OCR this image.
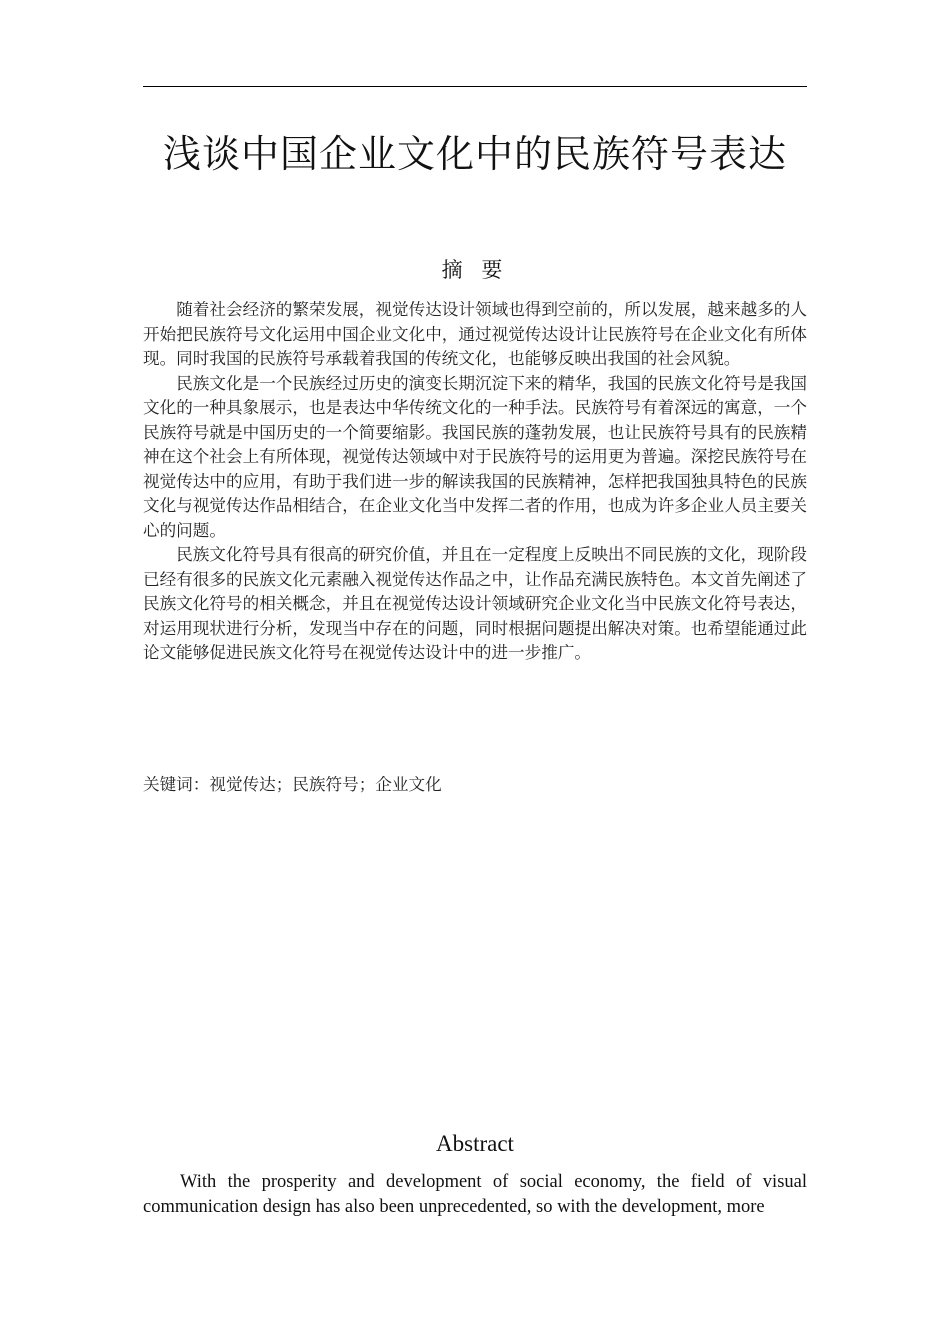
浅谈中国企业文化中的民族符号表达
摘 要

随着社会经济的繁荣发展，视觉传达设计领域也得到空前的，所以发展，越来越多的人开始把民族符号文化运用中国企业文化中，通过视觉传达设计让民族符号在企业文化有所体现。同时我国的民族符号承载着我国的传统文化，也能够反映出我国的社会风貌。

民族文化是一个民族经过历史的演变长期沉淀下来的精华，我国的民族文化符号是我国文化的一种具象展示，也是表达中华传统文化的一种手法。民族符号有着深远的寓意，一个民族符号就是中国历史的一个简要缩影。我国民族的蓬勃发展，也让民族符号具有的民族精神在这个社会上有所体现，视觉传达领域中对于民族符号的运用更为普遍。深挖民族符号在视觉传达中的应用，有助于我们进一步的解读我国的民族精神，怎样把我国独具特色的民族文化与视觉传达作品相结合，在企业文化当中发挥二者的作用，也成为许多企业人员主要关心的问题。

民族文化符号具有很高的研究价值，并且在一定程度上反映出不同民族的文化，现阶段已经有很多的民族文化元素融入视觉传达作品之中，让作品充满民族特色。本文首先阐述了民族文化符号的相关概念，并且在视觉传达设计领域研究企业文化当中民族文化符号表达，对运用现状进行分析，发现当中存在的问题，同时根据问题提出解决对策。也希望能通过此论文能够促进民族文化符号在视觉传达设计中的进一步推广。

关键词：视觉传达；民族符号；企业文化
Abstract

With the prosperity and development of social economy, the field of visual communication design has also been unprecedented, so with the development, more
